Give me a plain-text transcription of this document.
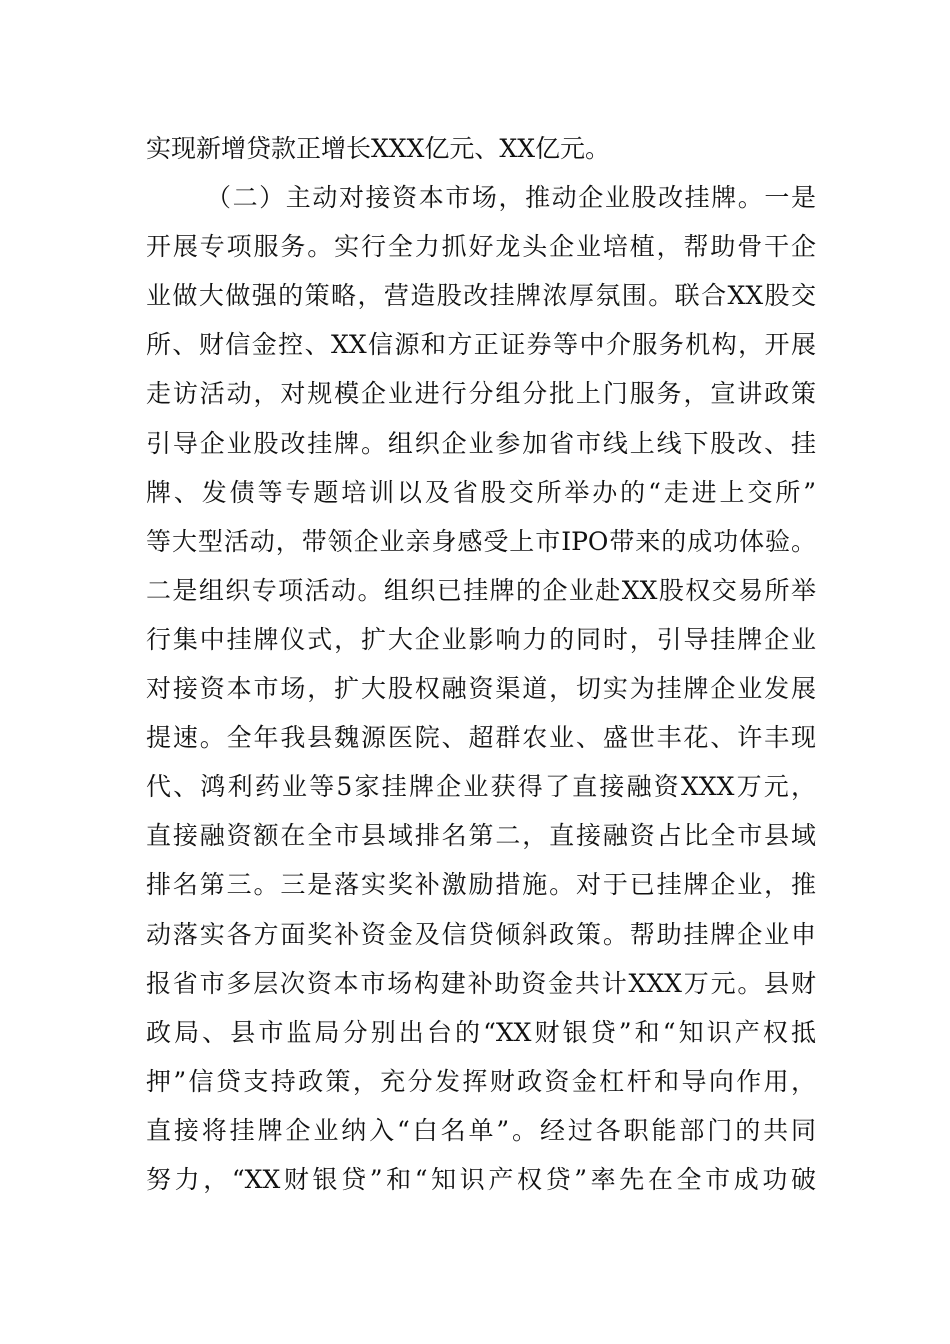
实现新增贷款正增长XXX亿元、XX亿元。
（二）主动对接资本市场，推动企业股改挂牌。一是
开展专项服务。实行全力抓好龙头企业培植，帮助骨干企
业做大做强的策略，营造股改挂牌浓厚氛围。联合XX股交
所、财信金控、XX信源和方正证券等中介服务机构，开展
走访活动，对规模企业进行分组分批上门服务，宣讲政策
引导企业股改挂牌。组织企业参加省市线上线下股改、挂
牌、发债等专题培训以及省股交所举办的“走进上交所”
等大型活动，带领企业亲身感受上市IPO带来的成功体验。
二是组织专项活动。组织已挂牌的企业赴XX股权交易所举
行集中挂牌仪式，扩大企业影响力的同时，引导挂牌企业
对接资本市场，扩大股权融资渠道，切实为挂牌企业发展
提速。全年我县魏源医院、超群农业、盛世丰花、许丰现
代、鸿利药业等5家挂牌企业获得了直接融资XXX万元，
直接融资额在全市县域排名第二，直接融资占比全市县域
排名第三。三是落实奖补激励措施。对于已挂牌企业，推
动落实各方面奖补资金及信贷倾斜政策。帮助挂牌企业申
报省市多层次资本市场构建补助资金共计XXX万元。县财
政局、县市监局分别出台的“XX财银贷”和“知识产权抵
押”信贷支持政策，充分发挥财政资金杠杆和导向作用，
直接将挂牌企业纳入“白名单”。经过各职能部门的共同
努力，“XX财银贷”和“知识产权贷”率先在全市成功破
